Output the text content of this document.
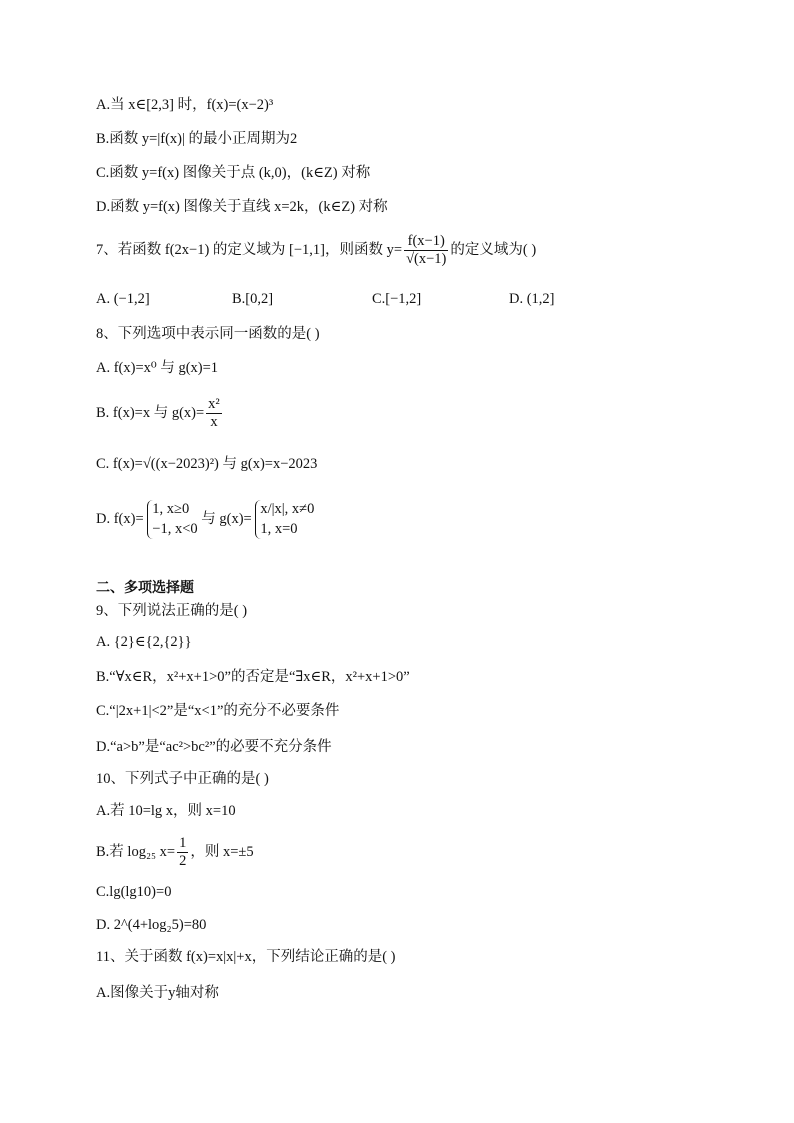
A.当 x∈[2,3] 时，f(x)=(x−2)³
B.函数 y=|f(x)| 的最小正周期为2
C.函数 y=f(x) 图像关于点 (k,0)，(k∈Z) 对称
D.函数 y=f(x) 图像关于直线 x=2k，(k∈Z) 对称
7、若函数 f(2x−1) 的定义域为 [−1,1]，则函数 $y= \frac{f(x-1)}{√(x-1)}$ 的定义域为( )
A. (−1,2]	B.[0,2]	C.[−1,2]	D. (1,2]
8、下列选项中表示同一函数的是( )
A. f(x)=x⁰ 与 g(x)=1
B. f(x)=x 与 $g(x)= \frac{\text{x²}}{x}$
C. f(x)=√((x−2023)²) 与 g(x)=x−2023
D. f(x)=
1, x≥0
−1, x<0
与 g(x)=
x/|x|, x≠0
1, x=0
二、多项选择题
9、下列说法正确的是( )
A. {2}∈{2,{2}}
B.“∀x∈R，x²+x+1>0”的否定是“∃x∈R，x²+x+1>0”
C.“|2x+1|<2”是“x<1”的充分不必要条件
D.“a>b”是“ac²>bc²”的必要不充分条件
10、下列式子中正确的是( )
A.若 10=lg x，则 x=10
B.若 log₂₅ $x= \frac{1}{2}$ ，则 x=±5
C.lg(lg10)=0
D. 2^(4+log₂5)=80
11、关于函数 f(x)=x|x|+x，下列结论正确的是( )
A.图像关于y轴对称
